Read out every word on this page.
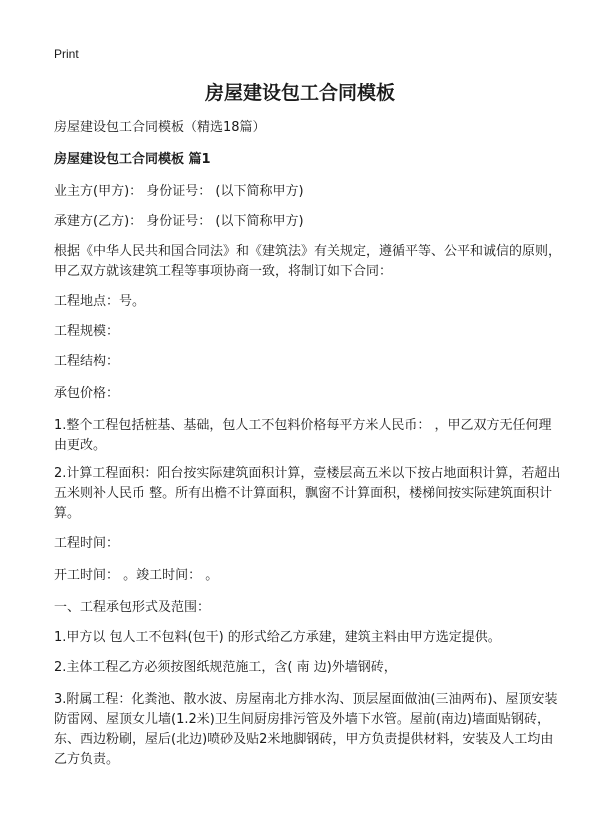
Print
房屋建设包工合同模板

房屋建设包工合同模板（精选18篇）

房屋建设包工合同模板 篇1

业主方(甲方)： 身份证号： (以下简称甲方)

承建方(乙方)： 身份证号： (以下简称甲方)

根据《中华人民共和国合同法》和《建筑法》有关规定，遵循平等、公平和诚信的原则，甲乙双方就该建筑工程等事项协商一致，将制订如下合同：

工程地点：号。

工程规模：

工程结构：

承包价格：

1.整个工程包括桩基、基础，包人工不包料价格每平方米人民币： ，甲乙双方无任何理由更改。

2.计算工程面积：阳台按实际建筑面积计算，壹楼层高五米以下按占地面积计算，若超出五米则补人民币 整。所有出檐不计算面积，飘窗不计算面积，楼梯间按实际建筑面积计算。

工程时间：

开工时间： 。竣工时间： 。

一、工程承包形式及范围：

1.甲方以 包人工不包料(包干) 的形式给乙方承建，建筑主料由甲方选定提供。

2.主体工程乙方必须按图纸规范施工，含( 南 边)外墙钢砖，

3.附属工程：化粪池、散水波、房屋南北方排水沟、顶层屋面做油(三油两布)、屋顶安装防雷网、屋顶女儿墙(1.2米)卫生间厨房排污管及外墙下水管。屋前(南边)墙面贴钢砖，东、西边粉刷，屋后(北边)喷砂及贴2米地脚钢砖，甲方负责提供材料，安装及人工均由乙方负责。
